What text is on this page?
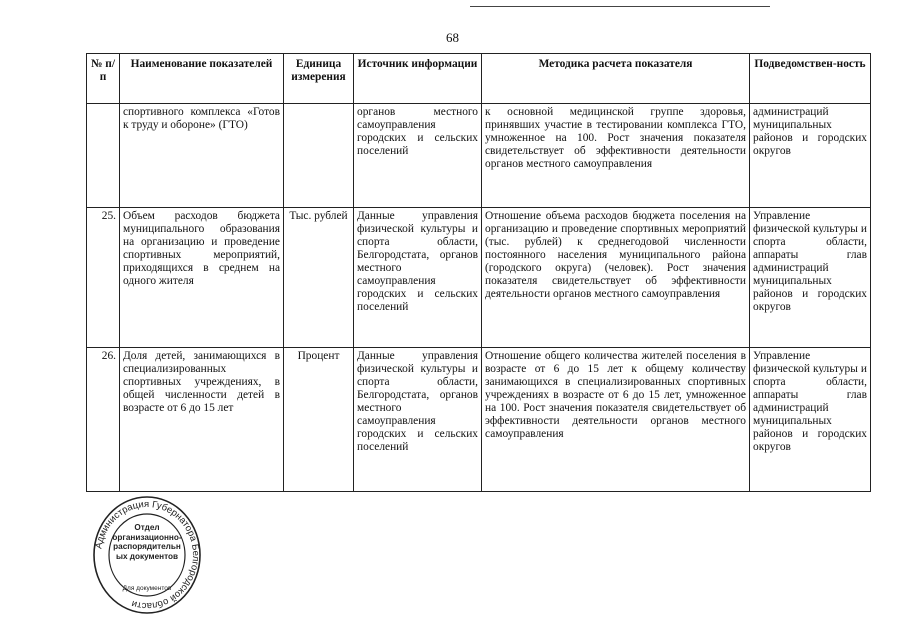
68
№ п/п	Наименование показателей	Единица измерения	Источник информации	Методика расчета показателя	Подведомствен-ность
	спортивного комплекса «Готов к труду и обороне» (ГТО)		органов местного самоуправления городских и сельских поселений	к основной медицинской группе здоровья, принявших участие в тестировании комплекса ГТО, умноженное на 100. Рост значения показателя свидетельствует об эффективности деятельности органов местного самоуправления	администраций муниципальных районов и городских округов
25.	Объем расходов бюджета муниципального образования на организацию и проведение спортивных мероприятий, приходящихся в среднем на одного жителя	Тыс. рублей	Данные управления физической культуры и спорта области, Белгородстата, органов местного самоуправления городских и сельских поселений	Отношение объема расходов бюджета поселения на организацию и проведение спортивных мероприятий (тыс. рублей) к среднегодовой численности постоянного населения муниципального района (городского округа) (человек). Рост значения показателя свидетельствует об эффективности деятельности органов местного самоуправления	Управление физической культуры и спорта области, аппараты глав администраций муниципальных районов и городских округов
26.	Доля детей, занимающихся в специализированных спортивных учреждениях, в общей численности детей в возрасте от 6 до 15 лет	Процент	Данные управления физической культуры и спорта области, Белгородстата, органов местного самоуправления городских и сельских поселений	Отношение общего количества жителей поселения в возрасте от 6 до 15 лет к общему количеству занимающихся в специализированных спортивных учреждениях в возрасте от 6 до 15 лет, умноженное на 100. Рост значения показателя свидетельствует об эффективности деятельности органов местного самоуправления	Управление физической культуры и спорта области, аппараты глав администраций муниципальных районов и городских округов
Администрация Губернатора Белгородской области
Отдел организационно-распорядительных документов
Для документов
